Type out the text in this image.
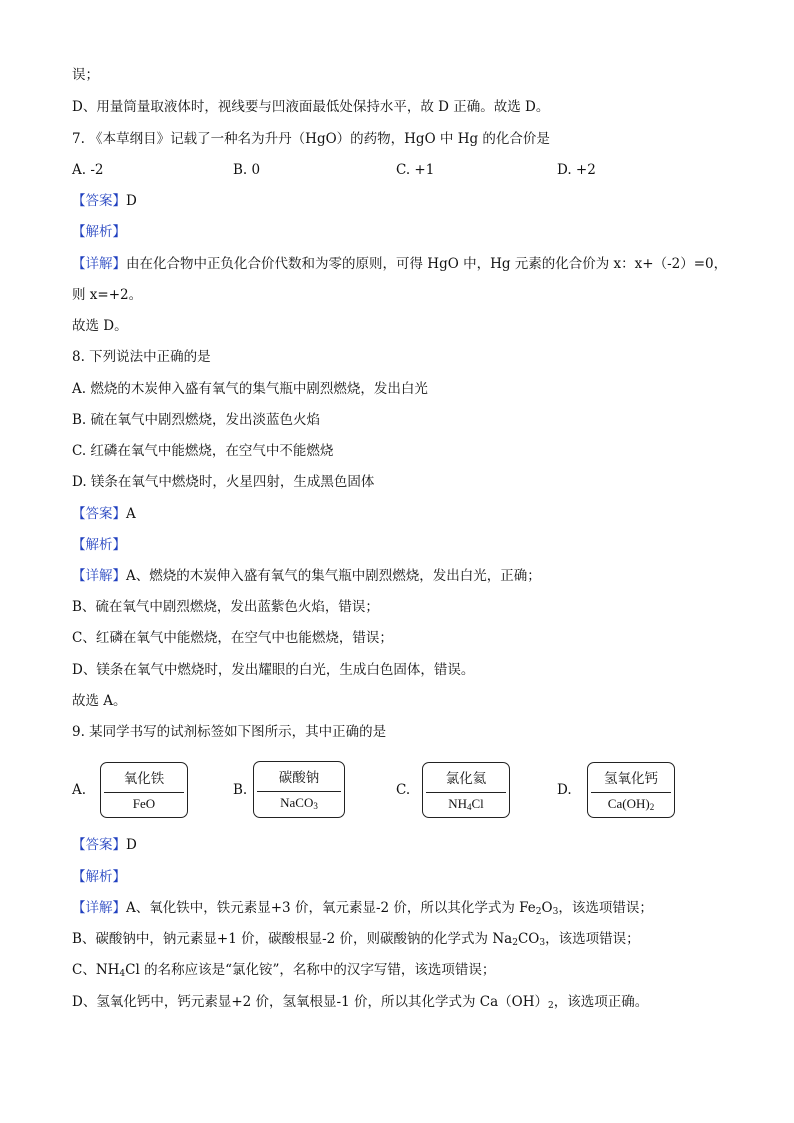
误；
D、用量筒量取液体时，视线要与凹液面最低处保持水平，故 D 正确。故选 D。
7. 《本草纲目》记载了一种名为升丹（HgO）的药物，HgO 中 Hg 的化合价是
A. -2	B. 0	C. +1	D. +2
【答案】D
【解析】
【详解】由在化合物中正负化合价代数和为零的原则，可得 HgO 中，Hg 元素的化合价为 x：x+（-2）=0，
则 x=+2。
故选 D。
8. 下列说法中正确的是
A. 燃烧的木炭伸入盛有氧气的集气瓶中剧烈燃烧，发出白光
B. 硫在氧气中剧烈燃烧，发出淡蓝色火焰
C. 红磷在氧气中能燃烧，在空气中不能燃烧
D. 镁条在氧气中燃烧时，火星四射，生成黑色固体
【答案】A
【解析】
【详解】A、燃烧的木炭伸入盛有氧气的集气瓶中剧烈燃烧，发出白光，正确；
B、硫在氧气中剧烈燃烧，发出蓝紫色火焰，错误；
C、红磷在氧气中能燃烧，在空气中也能燃烧，错误；
D、镁条在氧气中燃烧时，发出耀眼的白光，生成白色固体，错误。
故选 A。
9. 某同学书写的试剂标签如下图所示，其中正确的是
A.
氧化铁
FeO
B.
碳酸钠
NaCO$_3$
C.
氯化氦
$NH_4Cl$
D.
氢氧化钙
$Ca(OH)_2$
【答案】D
【解析】
【详解】A、氧化铁中，铁元素显+3 价，氧元素显-2 价，所以其化学式为 $Fe_2O_3$，该选项错误；
B、碳酸钠中，钠元素显+1 价，碳酸根显-2 价，则碳酸钠的化学式为 $Na_2CO_3$，该选项错误；
C、$NH_4Cl$ 的名称应该是“氯化铵”，名称中的汉字写错，该选项错误；
D、氢氧化钙中，钙元素显+2 价，氢氧根显-1 价，所以其化学式为 $Ca(OH)_2$，该选项正确。
